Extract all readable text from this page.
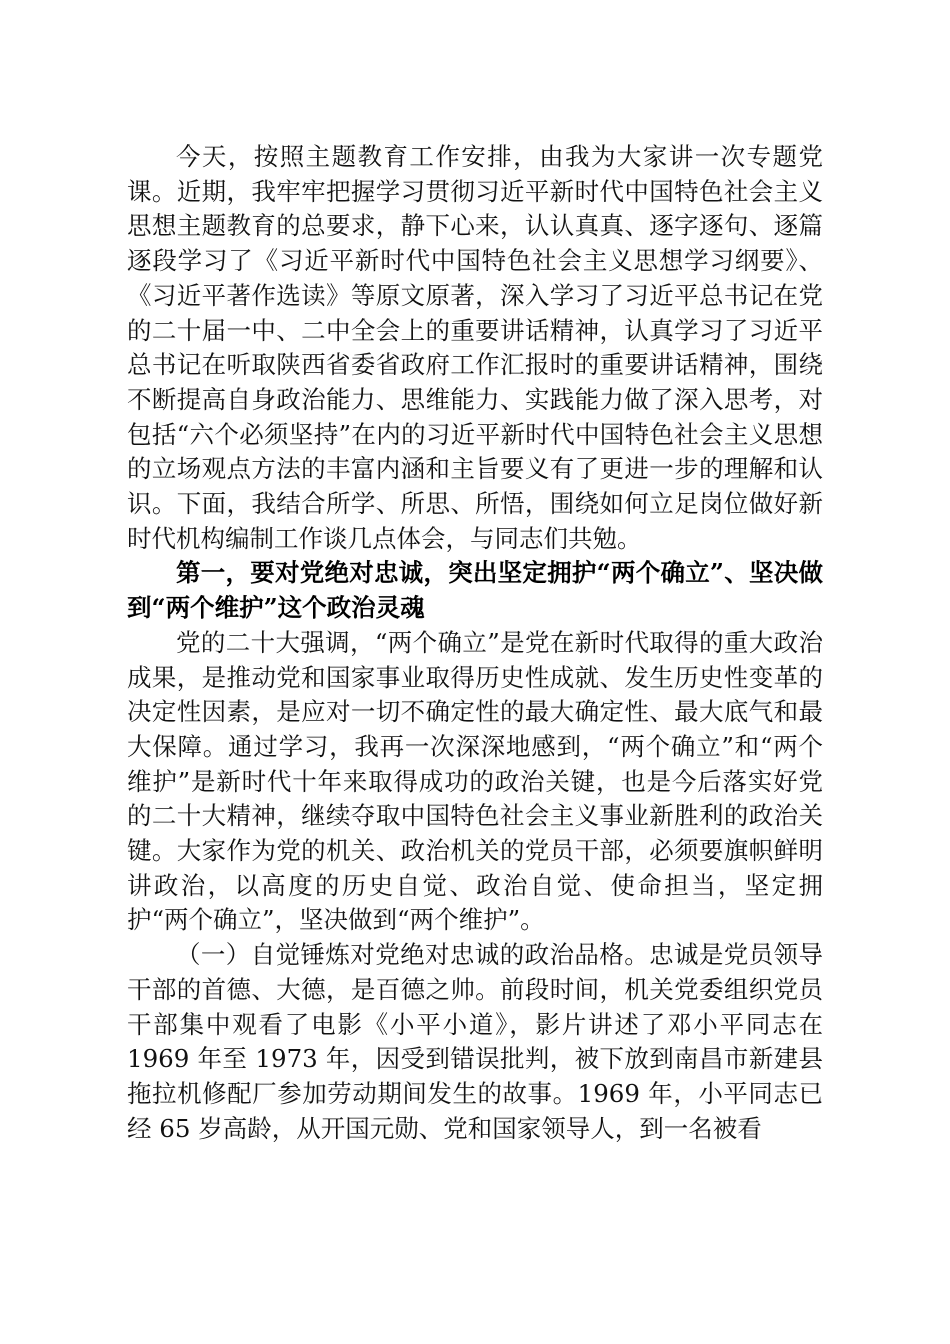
今天，按照主题教育工作安排，由我为大家讲一次专题党课。近期，我牢牢把握学习贯彻习近平新时代中国特色社会主义思想主题教育的总要求，静下心来，认认真真、逐字逐句、逐篇逐段学习了《习近平新时代中国特色社会主义思想学习纲要》、《习近平著作选读》等原文原著，深入学习了习近平总书记在党的二十届一中、二中全会上的重要讲话精神，认真学习了习近平总书记在听取陕西省委省政府工作汇报时的重要讲话精神，围绕不断提高自身政治能力、思维能力、实践能力做了深入思考，对包括“六个必须坚持”在内的习近平新时代中国特色社会主义思想的立场观点方法的丰富内涵和主旨要义有了更进一步的理解和认识。下面，我结合所学、所思、所悟，围绕如何立足岗位做好新时代机构编制工作谈几点体会，与同志们共勉。

第一，要对党绝对忠诚，突出坚定拥护“两个确立”、坚决做到“两个维护”这个政治灵魂

党的二十大强调，“两个确立”是党在新时代取得的重大政治成果，是推动党和国家事业取得历史性成就、发生历史性变革的决定性因素，是应对一切不确定性的最大确定性、最大底气和最大保障。通过学习，我再一次深深地感到，“两个确立”和“两个维护”是新时代十年来取得成功的政治关键，也是今后落实好党的二十大精神，继续夺取中国特色社会主义事业新胜利的政治关键。大家作为党的机关、政治机关的党员干部，必须要旗帜鲜明讲政治，以高度的历史自觉、政治自觉、使命担当，坚定拥护“两个确立”，坚决做到“两个维护”。

（一）自觉锤炼对党绝对忠诚的政治品格。忠诚是党员领导干部的首德、大德，是百德之帅。前段时间，机关党委组织党员干部集中观看了电影《小平小道》，影片讲述了邓小平同志在 1969 年至 1973 年，因受到错误批判，被下放到南昌市新建县拖拉机修配厂参加劳动期间发生的故事。1969 年，小平同志已经 65 岁高龄，从开国元勋、党和国家领导人，到一名被看
